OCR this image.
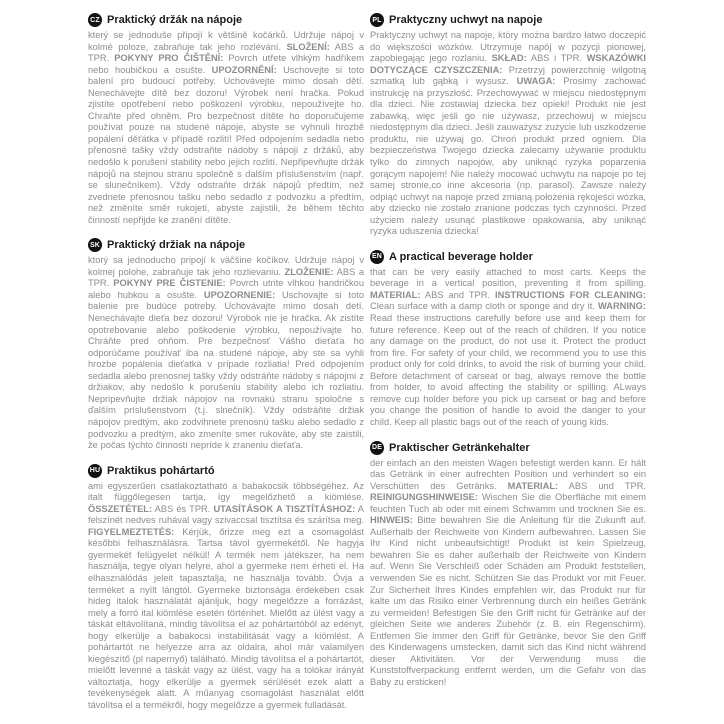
CZ Praktický držák na nápoje

který se jednoduše připojí k většině kočárků. Udržuje nápoj v kolmé poloze, zabraňuje tak jeho rozlévání. SLOŽENÍ: ABS a TPR. POKYNY PRO ČIŠTĚNÍ: Povrch utřete vlhkým hadříkem nebo houbičkou a osušte. UPOZORNĚNÍ: Uschovejte si toto balení pro budoucí potřeby. Uchovávejte mimo dosah dětí. Nenechávejte dítě bez dozoru! Výrobek není hračka. Pokud zjistíte opotřebení nebo poškození výrobku, nepoužívejte ho. Chraňte před ohněm. Pro bezpečnost dítěte ho doporučujeme používat pouze na studené nápoje, abyste se vyhnuli hrozbě popálení děťátka v případě rozlití! Před odpojením sedadla nebo přenosné tašky vždy odstraňte nádoby s nápoji z držáků, aby nedošlo k porušení stability nebo jejich rozlití. Nepřipevňujte držák nápojů na stejnou stranu společně s dalším příslušenstvím (např. se slunečníkem). Vždy odstraňte držák nápojů předtím, než zvednete přenosnou tašku nebo sedadlo z podvozku a předtím, než změníte směr rukojeti, abyste zajistili, že během těchto činností nepřijde ke zranění dítěte.

SK Praktický držiak na nápoje

ktorý sa jednoducho pripojí k väčšine kočíkov. Udržuje nápoj v kolmej polohe, zabraňuje tak jeho rozlievaniu. ZLOŽENIE: ABS a TPR. POKYNY PRE ČISTENIE: Povrch utrite vlhkou handričkou alebo hubkou a osušte. UPOZORNENIE: Uschovajte si toto balenie pre budúce potreby. Uchovávajte mimo dosah detí. Nenechávajte dieťa bez dozoru! Výrobok nie je hračka. Ak zistíte opotrebovanie alebo poškodenie výrobku, nepoužívajte ho. Chráňte pred ohňom. Pre bezpečnosť Vášho dieťaťa ho odporúčame používať iba na studené nápoje, aby ste sa vyhli hrozbe popálenia dieťatka v prípade rozliatia! Pred odpojením sedadla alebo prenosnej tašky vždy odstráňte nádoby s nápojmi z držiakov, aby nedošlo k porušeniu stability alebo ich rozliatiu. Nepripevňujte držiak nápojov na rovnakú stranu spoločne s ďalším príslušenstvom (t.j. slnečník). Vždy odstráňte držiak nápojov predtým, ako zodvihnete prenosnú tašku alebo sedadlo z podvozku a predtým, ako zmeníte smer rukoväte, aby ste zaistili, že počas týchto činností nepríde k zraneniu dieťaťa.

HU Praktikus pohártartó

ami egyszerűen csatlakoztatható a babakocsik többségéhez. Az italt függőlegesen tartja, így megelőzhető a kiömlése. ÖSSZETÉTEL: ABS és TPR. UTASÍTÁSOK A TISZTÍTÁSHOZ: A felszínét nedves ruhával vagy szivaccsal tisztítsa és szárítsa meg. FIGYELMEZTETÉS: Kérjük, őrizze meg ezt a csomagolást későbbi felhasználásra. Tartsa távol gyermekétől. Ne hagyja gyermekét felügyelet nélkül! A termék nem játékszer, ha nem használja, tegye olyan helyre, ahol a gyermeke nem érheti el. Ha elhasználódás jeleit tapasztalja, ne használja tovább. Óvja a terméket a nyílt lángtól. Gyermeke biztonsága érdekében csak hideg italok használatát ajánljuk, hogy megelőzze a forrázást, mely a forró ital kiömlése esetén történhet. Mielőtt az ülést vagy a táskát eltávolítaná, mindig távolítsa el az pohártartóból az edényt, hogy elkerülje a babakocsi instabilitását vagy a kiömlést. A pohártartót ne helyezze arra az oldalra, ahol már valamilyen kiegészítő (pl napernyő) található. Mindig távolítsa el a pohártartót, mielőtt levenné a táskát vagy az ülést, vagy ha a tolókar irányát változtatja, hogy elkerülje a gyermek sérülését ezek alatt a tevékenységek alatt. A műanyag csomagolást használat előtt távolítsa el a termékről, hogy megelőzze a gyermek fulladását.

PL Praktyczny uchwyt na napoje

Praktyczny uchwyt na napoje, który można bardzo łatwo doczepić do większości wózków. Utrzymuje napój w pozycji pionowej, zapobiegając jego rozlaniu. SKŁAD: ABS i TPR. WSKAZÓWKI DOTYCZĄCE CZYSZCZENIA: Przetrzyj powierzchnię wilgotną szmatką lub gąbką i wysusz. UWAGA: Prosimy zachować instrukcję na przyszłość. Przechowywać w miejscu niedostępnym dla dzieci. Nie zostawiaj dziecka bez opieki! Produkt nie jest zabawką, więc jeśli go nie używasz, przechowuj w miejscu niedostępnym dla dzieci. Jeśli zauważysz zużycie lub uszkodzenie produktu, nie używaj go. Chroń produkt przed ogniem. Dla bezpieczeństwa Twojego dziecka zalecamy używanie produktu tylko do zimnych napojów, aby uniknąć ryzyka poparzenia gorącym napojem! Nie należy mocować uchwytu na napoje po tej samej stronie,co inne akcesoria (np. parasol). Zawsze należy odpiąć uchwyt na napoje przed zmianą położenia rękojeści wózka, aby dziecko nie zostało zranione podczas tych czynności. Przed użyciem należy usunąć plastikowe opakowania, aby uniknąć ryzyka uduszenia dziecka!

EN A practical beverage holder

that can be very easily attached to most carts. Keeps the beverage in a vertical position, preventing it from spilling. MATERIAL: ABS and TPR. INSTRUCTIONS FOR CLEANING: Clean surface with a damp cloth or sponge and dry it. WARNING: Read these instructions carefully before use and keep them for future reference. Keep out of the reach of children. If you notice any damage on the product, do not use it. Protect the product from fire. For safety of your child, we recommend you to use this product only for cold drinks, to avoid the risk of burning your child. Before detachment of carseat or bag, always remove the bottle from holder, to avoid affecting the stability or spilling. ALways remove cup holder before you pick up carseat or bag and before you change the position of handle to avoid the danger to your child. Keep all plastic bags out of the reach of young kids.

DE Praktischer Getränkehalter

der einfach an den meisten Wagen befestigt werden kann. Er hält das Getränk in einer aufrechten Position und verhindert so ein Verschütten des Getränks. MATERIAL: ABS und TPR. REINIGUNGSHINWEISE: Wischen Sie die Oberfläche mit einem feuchten Tuch ab oder mit einem Schwamm und trocknen Sie es. HINWEIS: Bitte bewahren Sie die Anleitung für die Zukunft auf. Außerhalb der Reichweite von Kindern aufbewahren. Lassen Sie Ihr Kind nicht unbeaufsichtigt! Produkt ist kein Spielzeug, bewahren Sie es daher außerhalb der Reichweite von Kindern auf. Wenn Sie Verschleiß oder Schäden am Produkt feststellen, verwenden Sie es nicht. Schützen Sie das Produkt vor mit Feuer. Zur Sicherheit Ihres Kindes empfehlen wir, das Produkt nur für kalte um das Risiko einer Verbrennung durch ein heißes Getränk zu vermeiden! Befestigen Sie den Griff nicht für Getränke auf der gleichen Seite wie anderes Zubehör (z. B. ein Regenschirm). Entfernen Sie immer den Griff für Getränke, bevor Sie den Griff des Kinderwagens umstecken, damit sich das Kind nicht während dieser Aktivitäten. Vor der Verwendung muss die Kunststoffverpackung entfernt werden, um die Gefahr von das Baby zu ersticken!
